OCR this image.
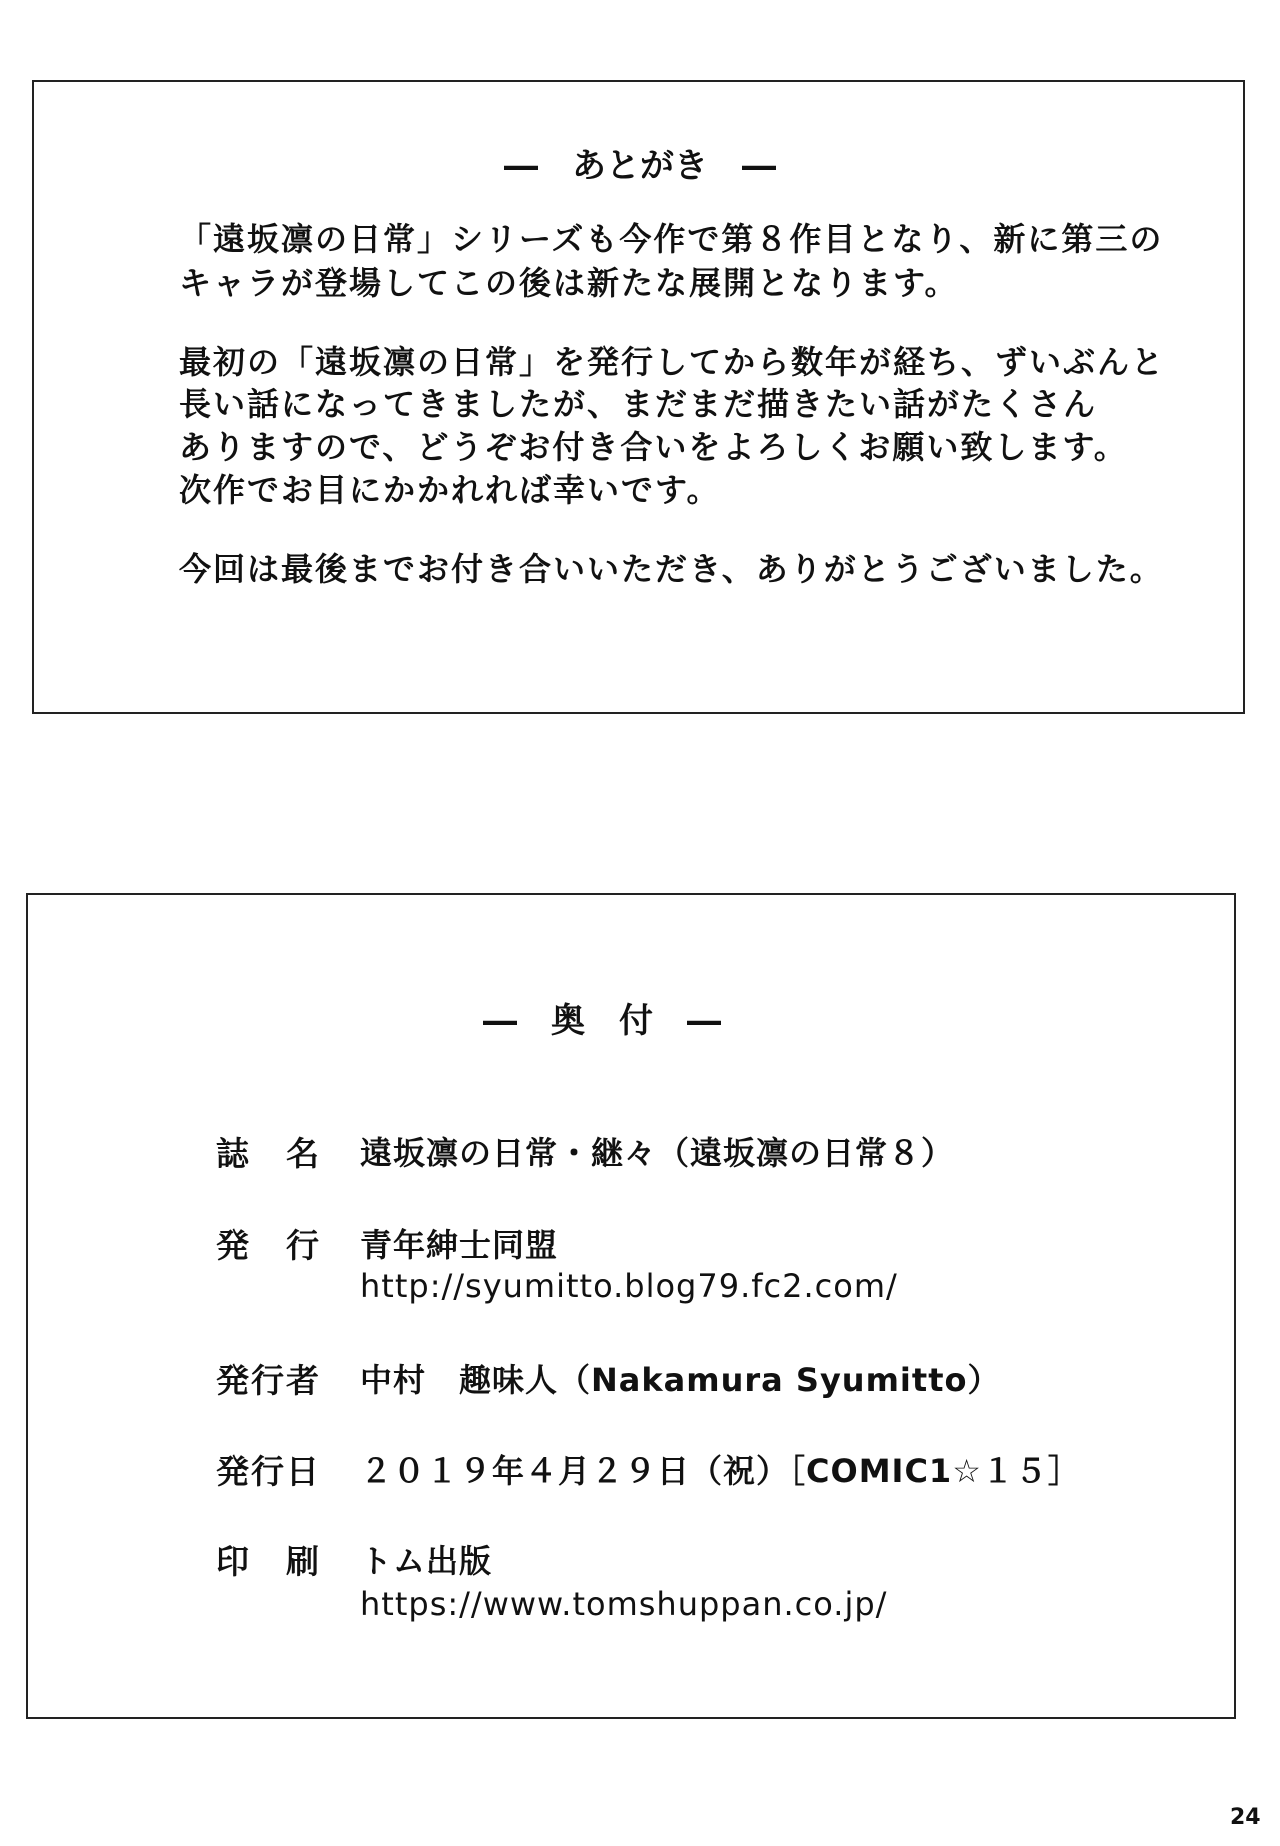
―　あとがき　―
「遠坂凛の日常」シリーズも今作で第８作目となり、新に第三の
キャラが登場してこの後は新たな展開となります。
最初の「遠坂凛の日常」を発行してから数年が経ち、ずいぶんと
長い話になってきましたが、まだまだ描きたい話がたくさん
ありますので、どうぞお付き合いをよろしくお願い致します。
次作でお目にかかれれば幸いです。
今回は最後までお付き合いいただき、ありがとうございました。
―　奥　付　―
誌　名 遠坂凛の日常・継々（遠坂凛の日常８）
発　行 青年紳士同盟
http://syumitto.blog79.fc2.com/
発行者 中村　趣味人（Nakamura Syumitto）
発行日 ２０１９年４月２９日（祝）［COMIC1☆１５］
印　刷 トム出版
https://www.tomshuppan.co.jp/
24
